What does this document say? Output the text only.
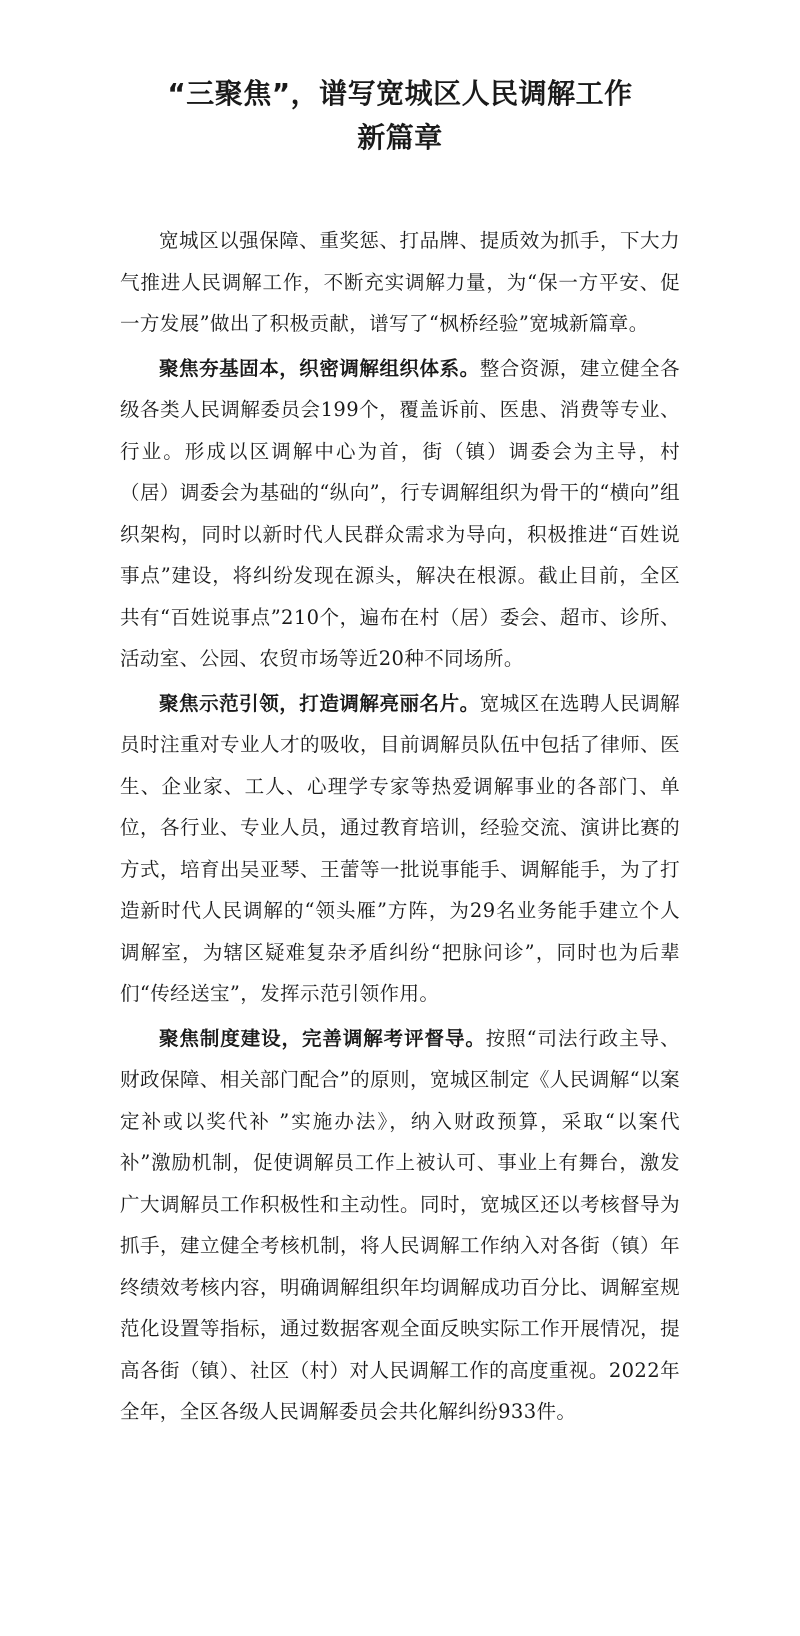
“三聚焦”，谱写宽城区人民调解工作
新篇章

宽城区以强保障、重奖惩、打品牌、提质效为抓手，下大力气推进人民调解工作，不断充实调解力量，为“保一方平安、促一方发展”做出了积极贡献，谱写了“枫桥经验”宽城新篇章。

聚焦夯基固本，织密调解组织体系。整合资源，建立健全各级各类人民调解委员会199个，覆盖诉前、医患、消费等专业、行业。形成以区调解中心为首，街（镇）调委会为主导，村（居）调委会为基础的“纵向”，行专调解组织为骨干的“横向”组织架构，同时以新时代人民群众需求为导向，积极推进“百姓说事点”建设，将纠纷发现在源头，解决在根源。截止目前，全区共有“百姓说事点”210个，遍布在村（居）委会、超市、诊所、活动室、公园、农贸市场等近20种不同场所。

聚焦示范引领，打造调解亮丽名片。宽城区在选聘人民调解员时注重对专业人才的吸收，目前调解员队伍中包括了律师、医生、企业家、工人、心理学专家等热爱调解事业的各部门、单位，各行业、专业人员，通过教育培训，经验交流、演讲比赛的方式，培育出吴亚琴、王蕾等一批说事能手、调解能手，为了打造新时代人民调解的“领头雁”方阵，为29名业务能手建立个人调解室，为辖区疑难复杂矛盾纠纷“把脉问诊”，同时也为后辈们“传经送宝”，发挥示范引领作用。

聚焦制度建设，完善调解考评督导。按照“司法行政主导、财政保障、相关部门配合”的原则，宽城区制定《人民调解“以案定补或以奖代补 ”实施办法》，纳入财政预算，采取“以案代补”激励机制，促使调解员工作上被认可、事业上有舞台，激发广大调解员工作积极性和主动性。同时，宽城区还以考核督导为抓手，建立健全考核机制，将人民调解工作纳入对各街（镇）年终绩效考核内容，明确调解组织年均调解成功百分比、调解室规范化设置等指标，通过数据客观全面反映实际工作开展情况，提高各街（镇）、社区（村）对人民调解工作的高度重视。2022年全年，全区各级人民调解委员会共化解纠纷933件。
